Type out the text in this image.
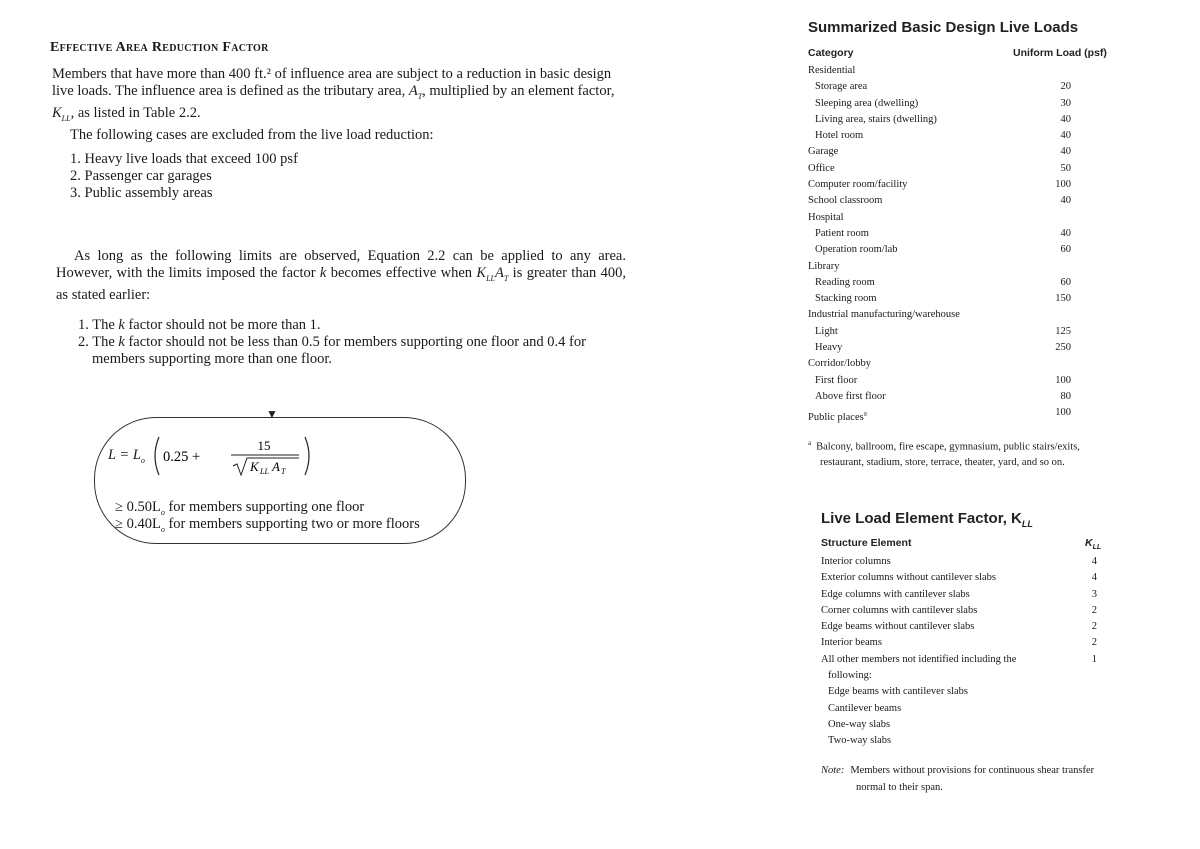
Effective Area Reduction Factor
Members that have more than 400 ft.² of influence area are subject to a reduction in basic design
live loads. The influence area is defined as the tributary area, $A_T$, multiplied by an element factor,
$K_{LL}$, as listed in Table 2.2.
The following cases are excluded from the live load reduction:
1. Heavy live loads that exceed 100 psf
2. Passenger car garages
3. Public assembly areas
As long as the following limits are observed, Equation 2.2 can be applied to any area. However, with the limits imposed the factor k becomes effective when $K_{LL}A_T$ is greater than 400, as stated earlier:
1. The k factor should not be more than 1.
2. The k factor should not be less than 0.5 for members supporting one floor and 0.4 for
members supporting more than one floor.
▼
$L = L_o$ 0.25 +
15
K LL A T
≥ $0.50L_o$ for members supporting one floor
≥ $0.40L_o$ for members supporting two or more floors
Summarized Basic Design Live Loads
Category	Uniform Load (psf)
Residential
Storage area	20
Sleeping area (dwelling)	30
Living area, stairs (dwelling)	40
Hotel room	40
Garage	40
Office	50
Computer room/facility	100
School classroom	40
Hospital
Patient room	40
Operation room/lab	60
Library
Reading room	60
Stacking room	150
Industrial manufacturing/warehouse
Light	125
Heavy	250
Corridor/lobby
First floor	100
Above first floor	80
Public places$^a$	100
$^a$ Balcony, ballroom, fire escape, gymnasium, public stairs/exits,
restaurant, stadium, store, terrace, theater, yard, and so on.
Live Load Element Factor, $K_{LL}$
Structure Element	$K_{LL}$
Interior columns	4
Exterior columns without cantilever slabs	4
Edge columns with cantilever slabs	3
Corner columns with cantilever slabs	2
Edge beams without cantilever slabs	2
Interior beams	2
All other members not identified including the	1
following:
Edge beams with cantilever slabs
Cantilever beams
One-way slabs
Two-way slabs
Note: Members without provisions for continuous shear transfer
normal to their span.
